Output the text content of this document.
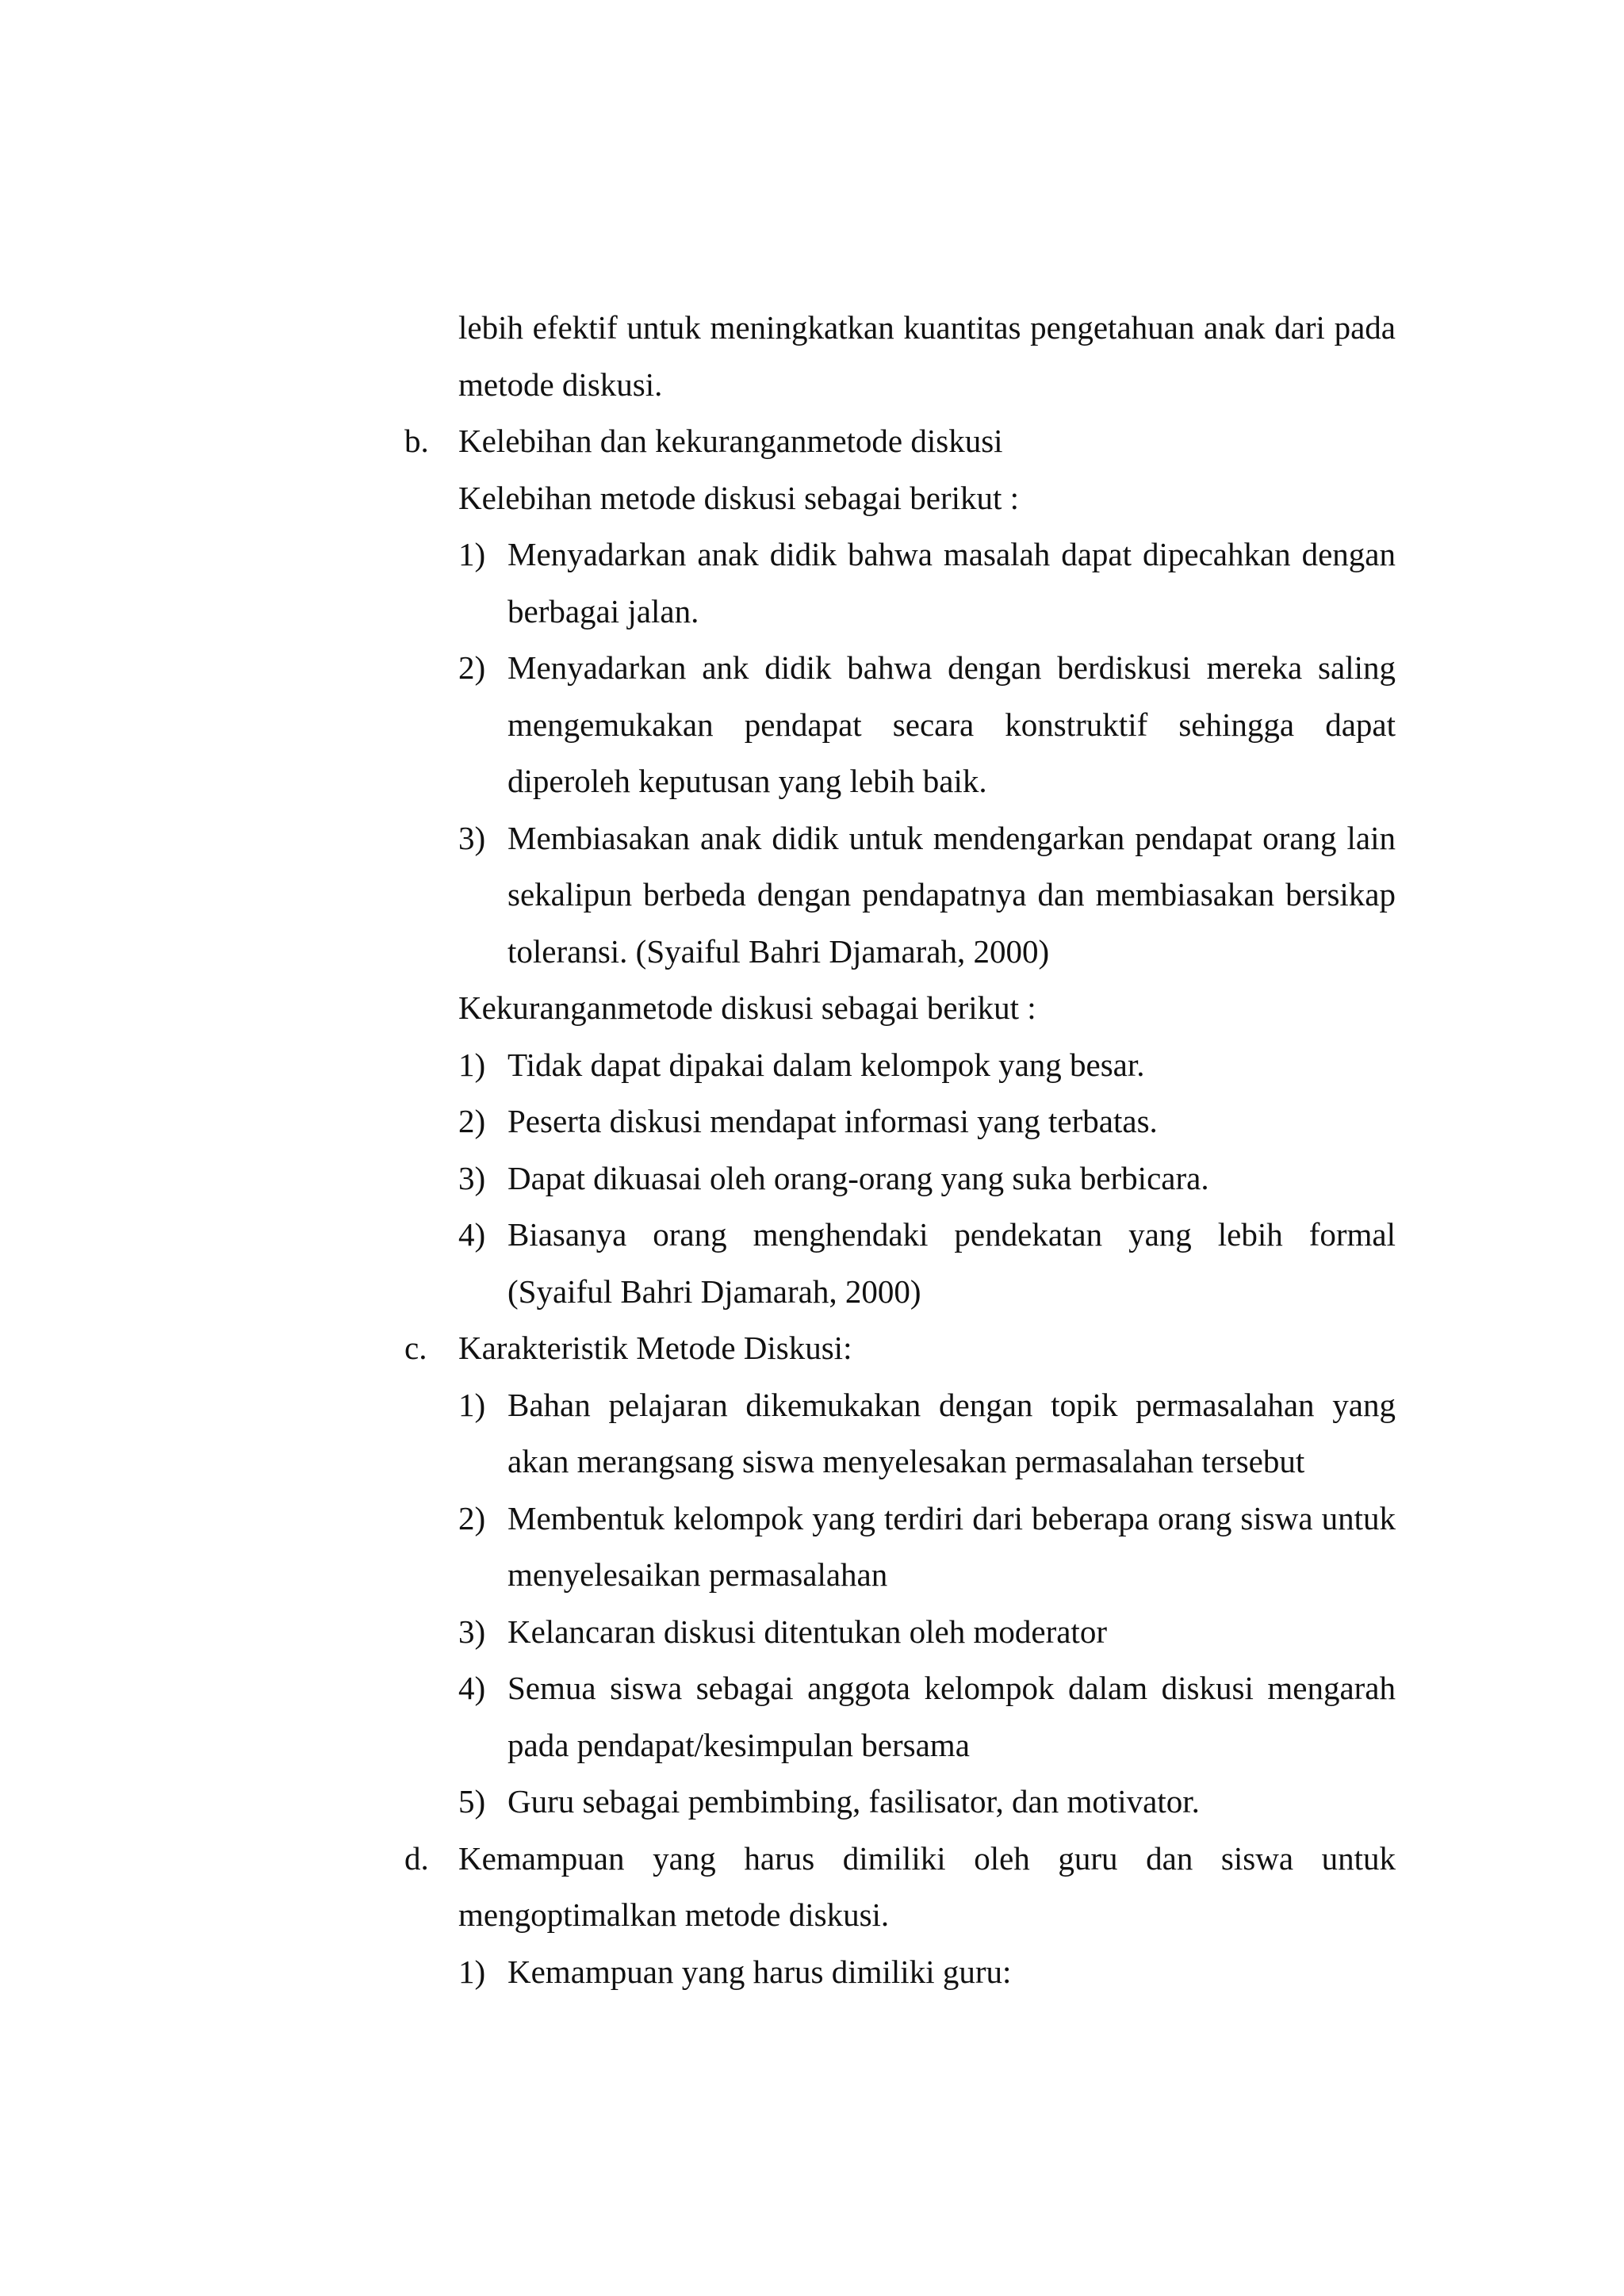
lebih efektif untuk meningkatkan kuantitas pengetahuan anak dari pada metode diskusi.

b. Kelebihan dan kekuranganmetode diskusi

Kelebihan metode diskusi sebagai berikut :

1) Menyadarkan anak didik bahwa masalah dapat dipecahkan dengan berbagai jalan.
2) Menyadarkan ank didik bahwa dengan berdiskusi mereka saling mengemukakan pendapat secara konstruktif sehingga dapat diperoleh keputusan yang lebih baik.
3) Membiasakan anak didik untuk mendengarkan pendapat orang lain sekalipun berbeda dengan pendapatnya dan membiasakan bersikap toleransi. (Syaiful Bahri Djamarah, 2000)

Kekuranganmetode diskusi sebagai berikut :

1) Tidak dapat dipakai dalam kelompok yang besar.
2) Peserta diskusi mendapat informasi yang terbatas.
3) Dapat dikuasai oleh orang-orang yang suka berbicara.
4) Biasanya orang menghendaki pendekatan yang lebih formal (Syaiful Bahri Djamarah, 2000)
c. Karakteristik Metode Diskusi:

1) Bahan pelajaran dikemukakan dengan topik permasalahan yang akan merangsang siswa menyelesakan permasalahan tersebut
2) Membentuk kelompok yang terdiri dari beberapa orang siswa untuk menyelesaikan permasalahan
3) Kelancaran diskusi ditentukan oleh moderator
4) Semua siswa sebagai anggota kelompok dalam diskusi mengarah pada pendapat/kesimpulan bersama
5) Guru sebagai pembimbing, fasilisator, dan motivator.
d. Kemampuan yang harus dimiliki oleh guru dan siswa untuk mengoptimalkan metode diskusi.

1) Kemampuan yang harus dimiliki guru:
